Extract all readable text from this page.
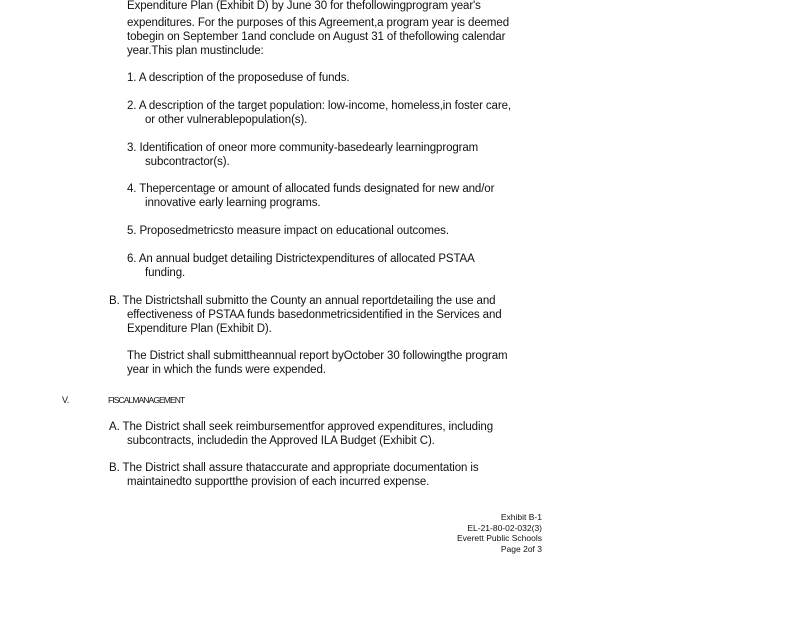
Expenditure Plan (Exhibit D) by June 30 for thefollowingprogram year's
expenditures. For the purposes of this Agreement,a program year is deemed
tobegin on September 1and conclude on August 31 of thefollowing calendar
year.This plan mustinclude:
1. A description of the proposeduse of funds.
2. A description of the target population: low-income, homeless,in foster care,
or other vulnerablepopulation(s).
3. Identification of oneor more community-basedearly learningprogram
subcontractor(s).
4. Thepercentage or amount of allocated funds designated for new and/or
innovative early learning programs.
5. Proposedmetricsto measure impact on educational outcomes.
6. An annual budget detailing Districtexpenditures of allocated PSTAA
funding.
B. The Districtshall submitto the County an annual reportdetailing the use and
effectiveness of PSTAA funds basedonmetricsidentified in the Services and
Expenditure Plan (Exhibit D).
The District shall submittheannual report byOctober 30 followingthe program
year in which the funds were expended.
V.	FISCALMANAGEMENT
A. The District shall seek reimbursementfor approved expenditures, including
subcontracts, includedin the Approved ILA Budget (Exhibit C).
B. The District shall assure thataccurate and appropriate documentation is
maintainedto supportthe provision of each incurred expense.
Exhibit B-1
EL-21-80-02-032(3)
Everett Public Schools
Page 2of 3
